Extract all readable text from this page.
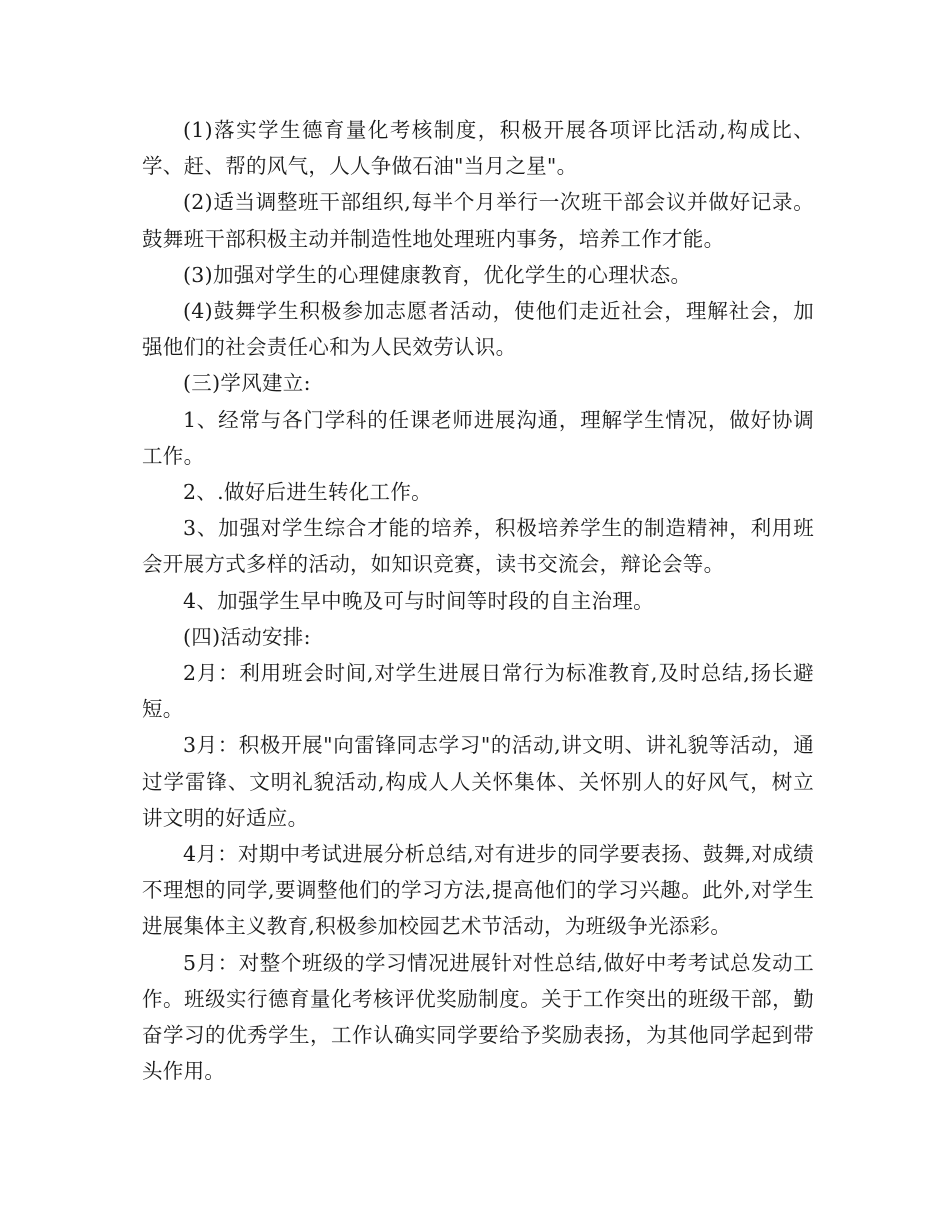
(1)落实学生德育量化考核制度，积极开展各项评比活动,构成比、学、赶、帮的风气，人人争做石油"当月之星"。

(2)适当调整班干部组织,每半个月举行一次班干部会议并做好记录。鼓舞班干部积极主动并制造性地处理班内事务，培养工作才能。

(3)加强对学生的心理健康教育，优化学生的心理状态。

(4)鼓舞学生积极参加志愿者活动，使他们走近社会，理解社会，加强他们的社会责任心和为人民效劳认识。

(三)学风建立:

1、经常与各门学科的任课老师进展沟通，理解学生情况，做好协调工作。

2、.做好后进生转化工作。

3、加强对学生综合才能的培养，积极培养学生的制造精神，利用班会开展方式多样的活动，如知识竞赛，读书交流会，辩论会等。

4、加强学生早中晚及可与时间等时段的自主治理。

(四)活动安排:

2月：利用班会时间,对学生进展日常行为标准教育,及时总结,扬长避短。

3月：积极开展"向雷锋同志学习"的活动,讲文明、讲礼貌等活动，通过学雷锋、文明礼貌活动,构成人人关怀集体、关怀别人的好风气，树立讲文明的好适应。

4月：对期中考试进展分析总结,对有进步的同学要表扬、鼓舞,对成绩不理想的同学,要调整他们的学习方法,提高他们的学习兴趣。此外,对学生进展集体主义教育,积极参加校园艺术节活动，为班级争光添彩。

5月：对整个班级的学习情况进展针对性总结,做好中考考试总发动工作。班级实行德育量化考核评优奖励制度。关于工作突出的班级干部，勤奋学习的优秀学生，工作认确实同学要给予奖励表扬，为其他同学起到带头作用。
